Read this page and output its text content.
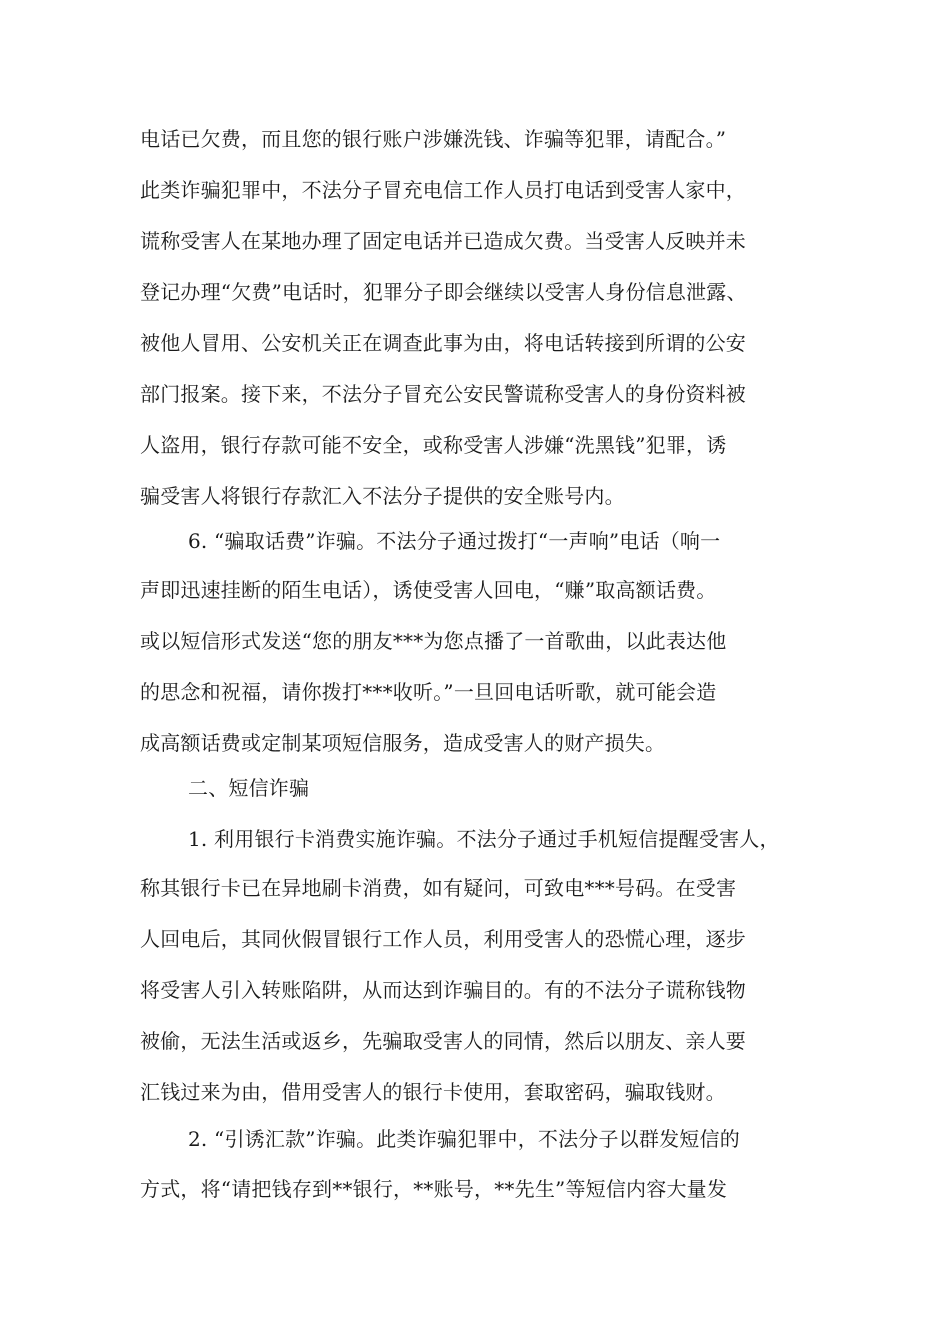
电话已欠费，而且您的银行账户涉嫌洗钱、诈骗等犯罪，请配合。”
此类诈骗犯罪中，不法分子冒充电信工作人员打电话到受害人家中，
谎称受害人在某地办理了固定电话并已造成欠费。当受害人反映并未
登记办理“欠费”电话时，犯罪分子即会继续以受害人身份信息泄露、
被他人冒用、公安机关正在调查此事为由，将电话转接到所谓的公安
部门报案。接下来，不法分子冒充公安民警谎称受害人的身份资料被
人盗用，银行存款可能不安全，或称受害人涉嫌“洗黑钱”犯罪，诱
骗受害人将银行存款汇入不法分子提供的安全账号内。
6. “骗取话费”诈骗。不法分子通过拨打“一声响”电话（响一
声即迅速挂断的陌生电话），诱使受害人回电，“赚”取高额话费。
或以短信形式发送“您的朋友***为您点播了一首歌曲，以此表达他
的思念和祝福，请你拨打***收听。”一旦回电话听歌，就可能会造
成高额话费或定制某项短信服务，造成受害人的财产损失。
二、短信诈骗
1. 利用银行卡消费实施诈骗。不法分子通过手机短信提醒受害人，
称其银行卡已在异地刷卡消费，如有疑问，可致电***号码。在受害
人回电后，其同伙假冒银行工作人员，利用受害人的恐慌心理，逐步
将受害人引入转账陷阱，从而达到诈骗目的。有的不法分子谎称钱物
被偷，无法生活或返乡，先骗取受害人的同情，然后以朋友、亲人要
汇钱过来为由，借用受害人的银行卡使用，套取密码，骗取钱财。
2. “引诱汇款”诈骗。此类诈骗犯罪中，不法分子以群发短信的
方式，将“请把钱存到**银行，**账号，**先生”等短信内容大量发
